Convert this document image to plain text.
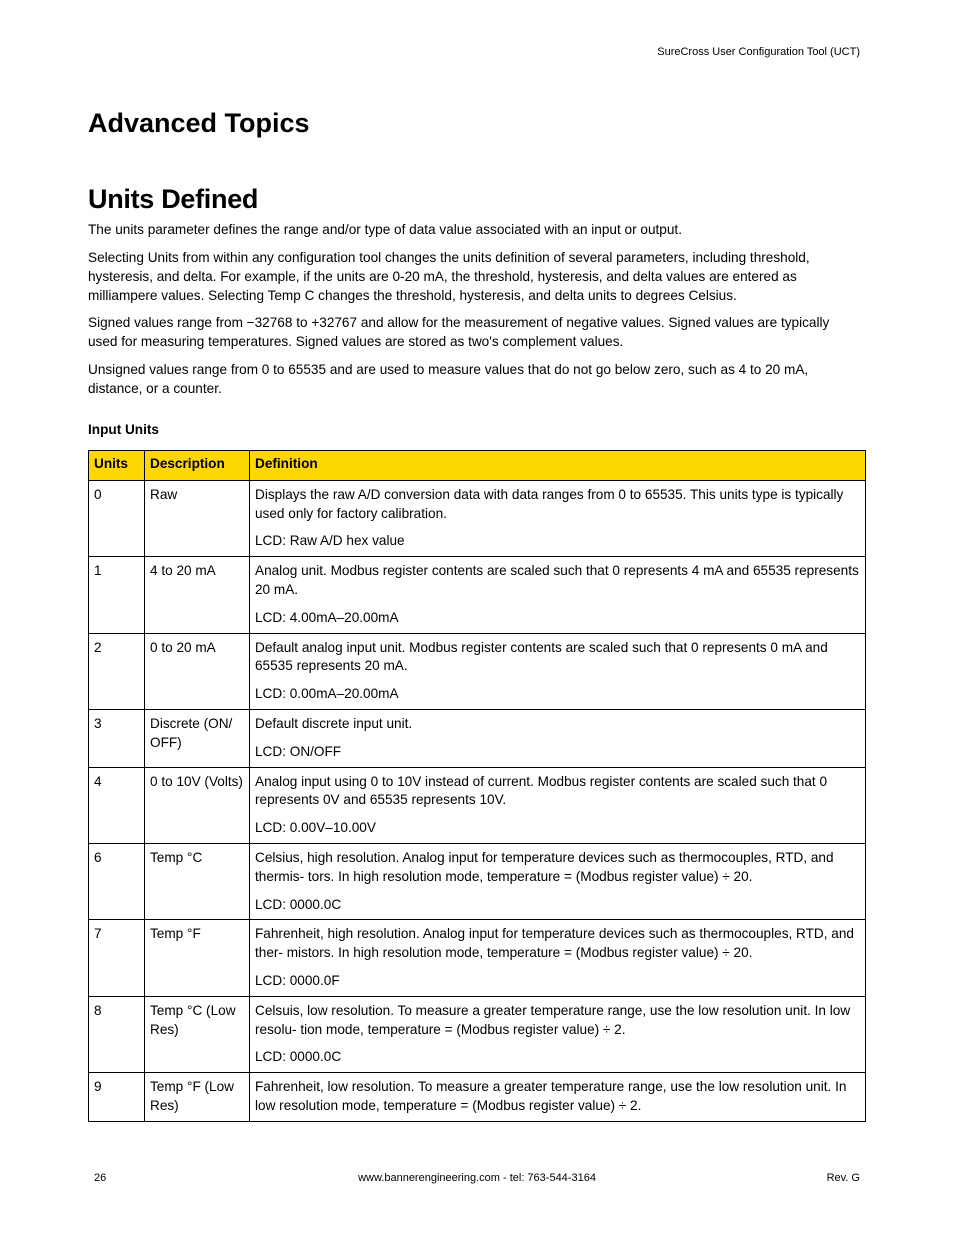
SureCross User Configuration Tool (UCT)
Advanced Topics
Units Defined

The units parameter defines the range and/or type of data value associated with an input or output.

Selecting Units from within any configuration tool changes the units definition of several parameters, including threshold, hysteresis, and delta. For example, if the units are 0-20 mA, the threshold, hysteresis, and delta values are entered as milliampere values. Selecting Temp C changes the threshold, hysteresis, and delta units to degrees Celsius.

Signed values range from −32768 to +32767 and allow for the measurement of negative values. Signed values are typically used for measuring temperatures. Signed values are stored as two's complement values.

Unsigned values range from 0 to 65535 and are used to measure values that do not go below zero, such as 4 to 20 mA, distance, or a counter.

Input Units
Units	Description	Definition
0	Raw	Displays the raw A/D conversion data with data ranges from 0 to 65535. This units type is typically used only for factory calibration.
LCD: Raw A/D hex value

1	4 to 20 mA	Analog unit. Modbus register contents are scaled such that 0 represents 4 mA and 65535 represents 20 mA.
LCD: 4.00mA–20.00mA

2	0 to 20 mA	Default analog input unit. Modbus register contents are scaled such that 0 represents 0 mA and 65535 represents 20 mA.
LCD: 0.00mA–20.00mA

3	Discrete (ON/ OFF)	Default discrete input unit.
LCD: ON/OFF

4	0 to 10V (Volts)	Analog input using 0 to 10V instead of current. Modbus register contents are scaled such that 0 represents 0V and 65535 represents 10V.
LCD: 0.00V–10.00V

6	Temp °C	Celsius, high resolution. Analog input for temperature devices such as thermocouples, RTD, and thermis- tors. In high resolution mode, temperature = (Modbus register value) ÷ 20.
LCD: 0000.0C

7	Temp °F	Fahrenheit, high resolution. Analog input for temperature devices such as thermocouples, RTD, and ther- mistors. In high resolution mode, temperature = (Modbus register value) ÷ 20.
LCD: 0000.0F

8	Temp °C (Low Res)	Celsuis, low resolution. To measure a greater temperature range, use the low resolution unit. In low resolu- tion mode, temperature = (Modbus register value) ÷ 2.
LCD: 0000.0C

9	Temp °F (Low Res)	Fahrenheit, low resolution. To measure a greater temperature range, use the low resolution unit. In low resolution mode, temperature = (Modbus register value) ÷ 2.
26	www.bannerengineering.com - tel: 763-544-3164	Rev. G
